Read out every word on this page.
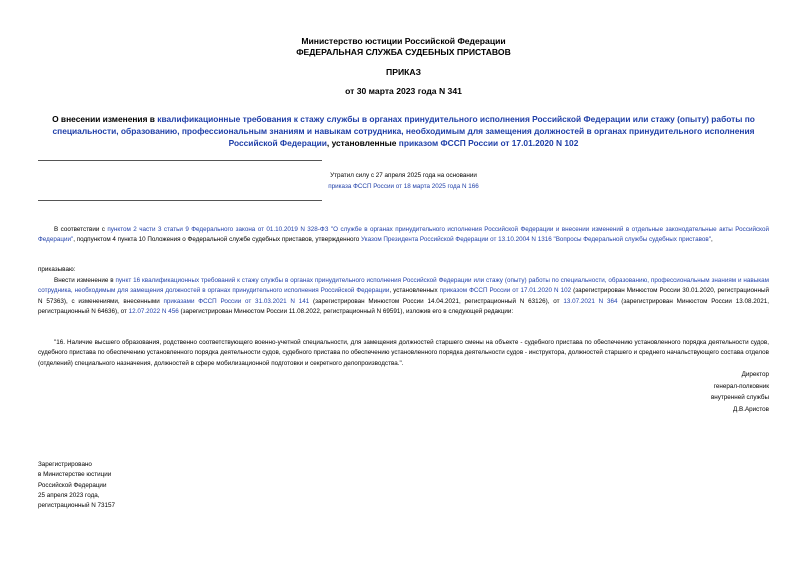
Министерство юстиции Российской Федерации
ФЕДЕРАЛЬНАЯ СЛУЖБА СУДЕБНЫХ ПРИСТАВОВ
ПРИКАЗ
от 30 марта 2023 года N 341
О внесении изменения в квалификационные требования к стажу службы в органах принудительного исполнения Российской Федерации или стажу (опыту) работы по специальности, образованию, профессиональным знаниям и навыкам сотрудника, необходимым для замещения должностей в органах принудительного исполнения Российской Федерации, установленные приказом ФССП России от 17.01.2020 N 102
Утратил силу с 27 апреля 2025 года на основании
приказа ФССП России от 18 марта 2025 года N 166
В соответствии с пунктом 2 части 3 статьи 9 Федерального закона от 01.10.2019 N 328-ФЗ "О службе в органах принудительного исполнения Российской Федерации и внесении изменений в отдельные законодательные акты Российской Федерации", подпунктом 4 пункта 10 Положения о Федеральной службе судебных приставов, утвержденного Указом Президента Российской Федерации от 13.10.2004 N 1316 "Вопросы Федеральной службы судебных приставов",
приказываю:
Внести изменение в пункт 16 квалификационных требований к стажу службы в органах принудительного исполнения Российской Федерации или стажу (опыту) работы по специальности, образованию, профессиональным знаниям и навыкам сотрудника, необходимым для замещения должностей в органах принудительного исполнения Российской Федерации, установленных приказом ФССП России от 17.01.2020 N 102 (зарегистрирован Минюстом России 30.01.2020, регистрационный N 57363), с изменениями, внесенными приказами ФССП России от 31.03.2021 N 141 (зарегистрирован Минюстом России 14.04.2021, регистрационный N 63126), от 13.07.2021 N 364 (зарегистрирован Минюстом России 13.08.2021, регистрационный N 64636), от 12.07.2022 N 456 (зарегистрирован Минюстом России 11.08.2022, регистрационный N 69591), изложив его в следующей редакции:
"16. Наличие высшего образования, родственно соответствующего военно-учетной специальности, для замещения должностей старшего смены на объекте - судебного пристава по обеспечению установленного порядка деятельности судов, судебного пристава по обеспечению установленного порядка деятельности судов, судебного пристава по обеспечению установленного порядка деятельности судов - инструктора, должностей старшего и среднего начальствующего состава отделов (отделений) специального назначения, должностей в сфере мобилизационной подготовки и секретного делопроизводства.".
Директор
генерал-полковник
внутренней службы
Д.В.Аристов
Зарегистрировано
в Министерстве юстиции
Российской Федерации
25 апреля 2023 года,
регистрационный N 73157
